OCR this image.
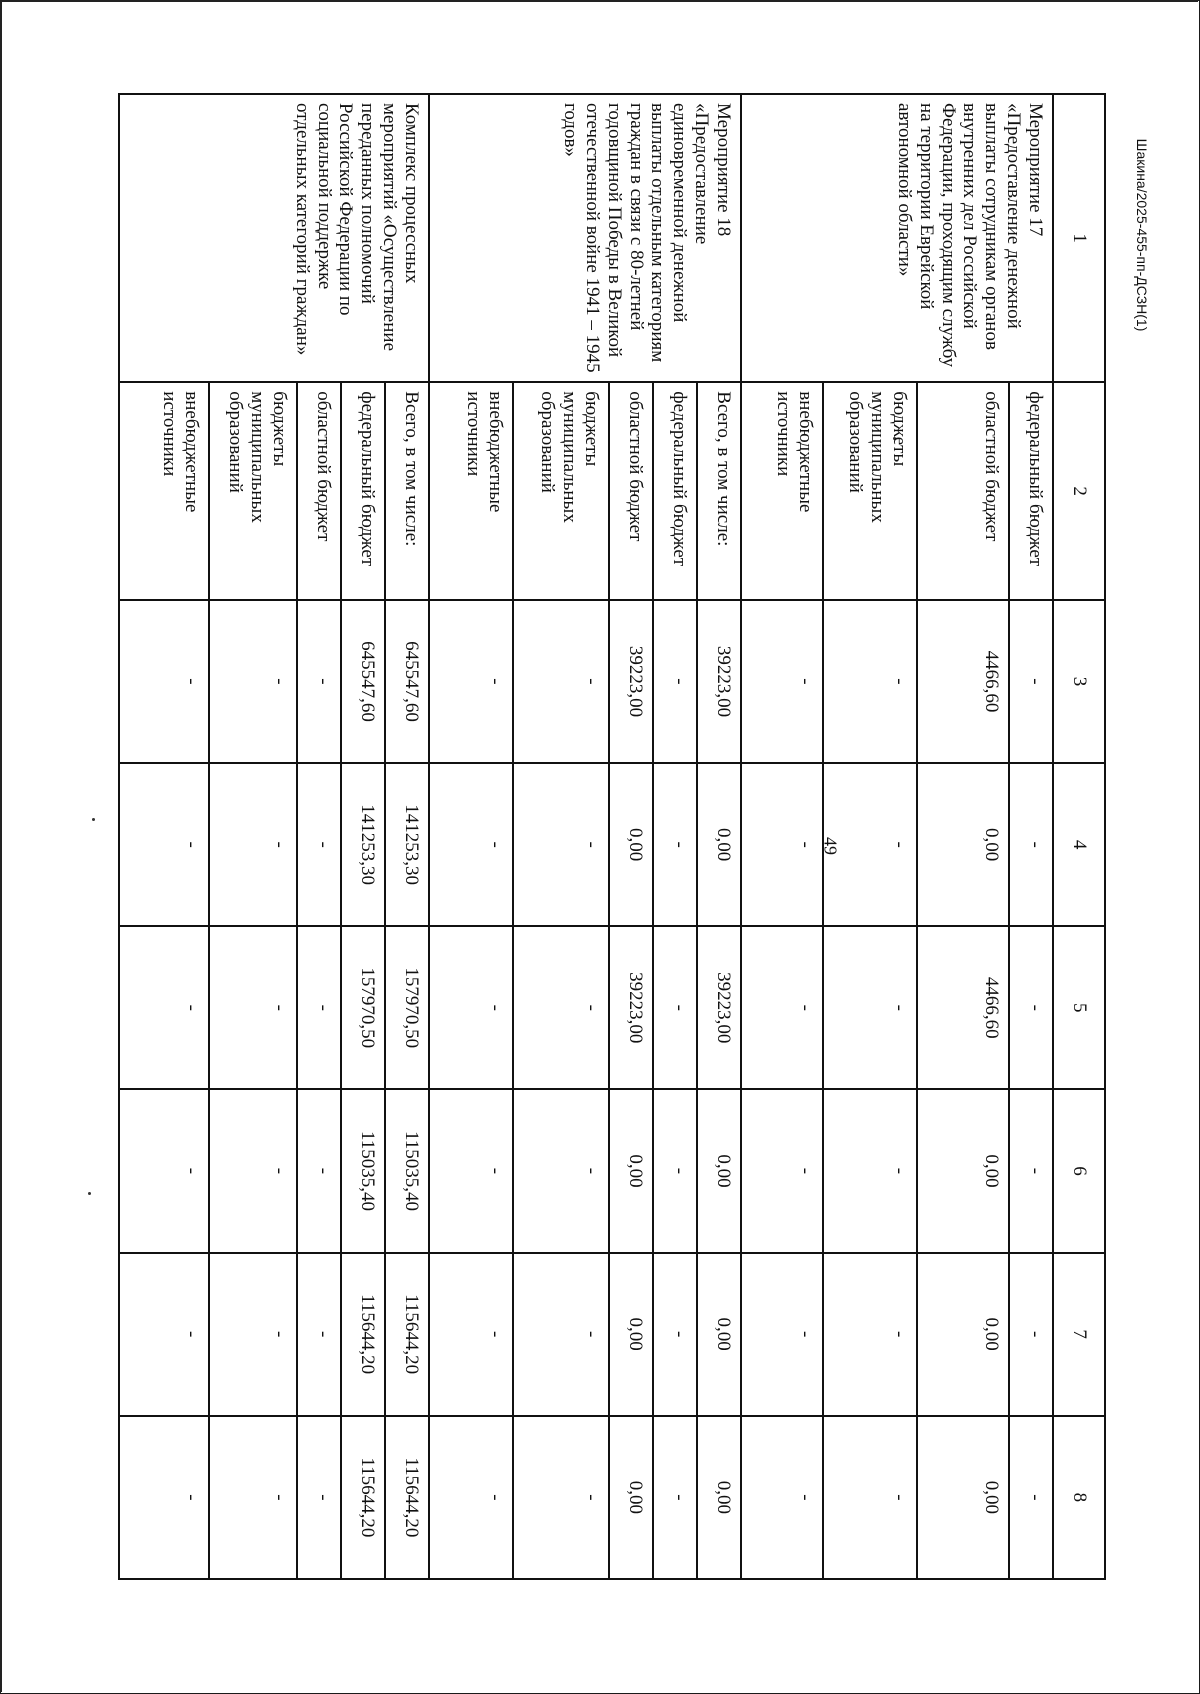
49
Шакина/2025-455-пп-ДСЗН(1)
1	2	3	4	5	6	7	8
Мероприятие 17 «Предоставление денежной выплаты сотрудникам органов внутренних дел Российской Федерации, проходящим службу на территории Еврейской автономной области»	федеральный бюджет	-	-	-	-	-	-
	областной бюджет	4466,60	0,00	4466,60	0,00	0,00	0,00
	бюджеты муниципальных образований	-	-	-	-	-	-
	внебюджетные источники	-	-	-	-	-	-
Мероприятие 18 «Предоставление единовременной денежной выплаты отдельным категориям граждан в связи с 80-летней годовщиной Победы в Великой отечественной войне 1941 – 1945 годов»	Всего, в том числе:	39223,00	0,00	39223,00	0,00	0,00	0,00
	федеральный бюджет	-	-	-	-	-	-
	областной бюджет	39223,00	0,00	39223,00	0,00	0,00	0,00
	бюджеты муниципальных образований	-	-	-	-	-	-
	внебюджетные источники	-	-	-	-	-	-
Комплекс процессных мероприятий «Осуществление переданных полномочий Российской Федерации по социальной поддержке отдельных категорий граждан»	Всего, в том числе:	645547,60	141253,30	157970,50	115035,40	115644,20	115644,20
	федеральный бюджет	645547,60	141253,30	157970,50	115035,40	115644,20	115644,20
	областной бюджет	-	-	-	-	-	-
	бюджеты муниципальных образований	-	-	-	-	-	-
	внебюджетные источники	-	-	-	-	-	-
